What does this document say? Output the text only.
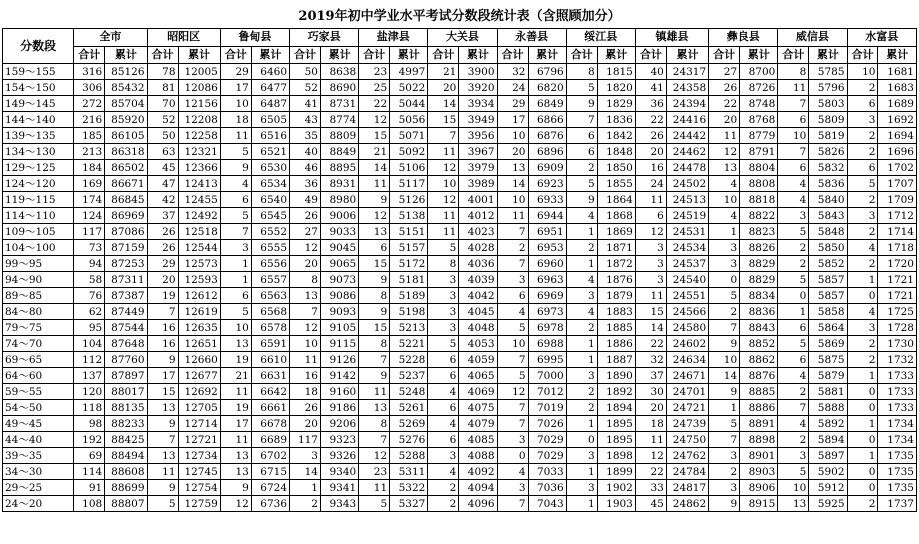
2019年初中学业水平考试分数段统计表（含照顾加分）
分数段	全市		昭阳区		鲁甸县		巧家县		盐津县		大关县		永善县		绥江县		镇雄县		彝良县		威信县		水富县	
	合计	累计	合计	累计	合计	累计	合计	累计	合计	累计	合计	累计	合计	累计	合计	累计	合计	累计	合计	累计	合计	累计	合计	累计
159～155	316	85126	78	12005	29	6460	50	8638	23	4997	21	3900	32	6796	8	1815	40	24317	27	8700	8	5785	10	1681
154～150	306	85432	81	12086	17	6477	52	8690	25	5022	20	3920	24	6820	5	1820	41	24358	26	8726	11	5796	2	1683
149～145	272	85704	70	12156	10	6487	41	8731	22	5044	14	3934	29	6849	9	1829	36	24394	22	8748	7	5803	6	1689
144～140	216	85920	52	12208	18	6505	43	8774	12	5056	15	3949	17	6866	7	1836	22	24416	20	8768	6	5809	3	1692
139～135	185	86105	50	12258	11	6516	35	8809	15	5071	7	3956	10	6876	6	1842	26	24442	11	8779	10	5819	2	1694
134～130	213	86318	63	12321	5	6521	40	8849	21	5092	11	3967	20	6896	6	1848	20	24462	12	8791	7	5826	2	1696
129～125	184	86502	45	12366	9	6530	46	8895	14	5106	12	3979	13	6909	2	1850	16	24478	13	8804	6	5832	6	1702
124～120	169	86671	47	12413	4	6534	36	8931	11	5117	10	3989	14	6923	5	1855	24	24502	4	8808	4	5836	5	1707
119～115	174	86845	42	12455	6	6540	49	8980	9	5126	12	4001	10	6933	9	1864	11	24513	10	8818	4	5840	2	1709
114～110	124	86969	37	12492	5	6545	26	9006	12	5138	11	4012	11	6944	4	1868	6	24519	4	8822	3	5843	3	1712
109～105	117	87086	26	12518	7	6552	27	9033	13	5151	11	4023	7	6951	1	1869	12	24531	1	8823	5	5848	2	1714
104～100	73	87159	26	12544	3	6555	12	9045	6	5157	5	4028	2	6953	2	1871	3	24534	3	8826	2	5850	4	1718
99～95	94	87253	29	12573	1	6556	20	9065	15	5172	8	4036	7	6960	1	1872	3	24537	3	8829	2	5852	2	1720
94～90	58	87311	20	12593	1	6557	8	9073	9	5181	3	4039	3	6963	4	1876	3	24540	0	8829	5	5857	1	1721
89～85	76	87387	19	12612	6	6563	13	9086	8	5189	3	4042	6	6969	3	1879	11	24551	5	8834	0	5857	0	1721
84～80	62	87449	7	12619	5	6568	7	9093	9	5198	3	4045	4	6973	4	1883	15	24566	2	8836	1	5858	4	1725
79～75	95	87544	16	12635	10	6578	12	9105	15	5213	3	4048	5	6978	2	1885	14	24580	7	8843	6	5864	3	1728
74～70	104	87648	16	12651	13	6591	10	9115	8	5221	5	4053	10	6988	1	1886	22	24602	9	8852	5	5869	2	1730
69～65	112	87760	9	12660	19	6610	11	9126	7	5228	6	4059	7	6995	1	1887	32	24634	10	8862	6	5875	2	1732
64～60	137	87897	17	12677	21	6631	16	9142	9	5237	6	4065	5	7000	3	1890	37	24671	14	8876	4	5879	1	1733
59～55	120	88017	15	12692	11	6642	18	9160	11	5248	4	4069	12	7012	2	1892	30	24701	9	8885	2	5881	0	1733
54～50	118	88135	13	12705	19	6661	26	9186	13	5261	6	4075	7	7019	2	1894	20	24721	1	8886	7	5888	0	1733
49～45	98	88233	9	12714	17	6678	20	9206	8	5269	4	4079	7	7026	1	1895	18	24739	5	8891	4	5892	1	1734
44～40	192	88425	7	12721	11	6689	117	9323	7	5276	6	4085	3	7029	0	1895	11	24750	7	8898	2	5894	0	1734
39～35	69	88494	13	12734	13	6702	3	9326	12	5288	3	4088	0	7029	3	1898	12	24762	3	8901	3	5897	1	1735
34～30	114	88608	11	12745	13	6715	14	9340	23	5311	4	4092	4	7033	1	1899	22	24784	2	8903	5	5902	0	1735
29～25	91	88699	9	12754	9	6724	1	9341	11	5322	2	4094	3	7036	3	1902	33	24817	3	8906	10	5912	0	1735
24～20	108	88807	5	12759	12	6736	2	9343	5	5327	2	4096	7	7043	1	1903	45	24862	9	8915	13	5925	2	1737
